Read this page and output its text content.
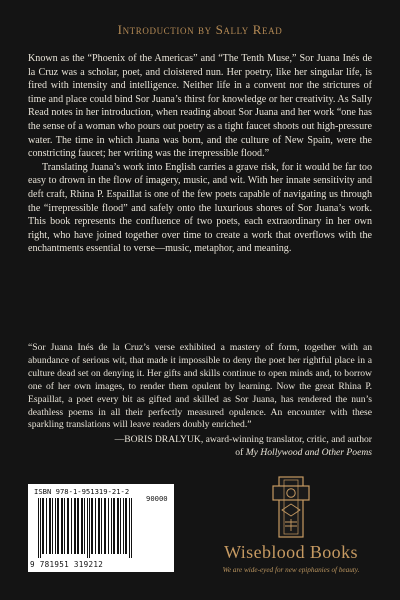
Introduction by Sally Read

Known as the “Phoenix of the Americas” and “The Tenth Muse,” Sor Juana Inés de la Cruz was a scholar, poet, and cloistered nun. Her poetry, like her singular life, is fired with intensity and intelligence. Neither life in a convent nor the strictures of time and place could bind Sor Juana’s thirst for knowledge or her creativity. As Sally Read notes in her introduction, when reading about Sor Juana and her work “one has the sense of a woman who pours out poetry as a tight faucet shoots out high-pressure water. The time in which Juana was born, and the culture of New Spain, were the constricting faucet; her writing was the irrepressible flood.”

Translating Juana’s work into English carries a grave risk, for it would be far too easy to drown in the flow of imagery, music, and wit. With her innate sensitivity and deft craft, Rhina P. Espaillat is one of the few poets capable of navigating us through the “irrepressible flood” and safely onto the luxurious shores of Sor Juana’s work. This book represents the confluence of two poets, each extraordinary in her own right, who have joined together over time to create a work that overflows with the enchantments essential to verse—music, metaphor, and meaning.

“Sor Juana Inés de la Cruz’s verse exhibited a mastery of form, together with an abundance of serious wit, that made it impossible to deny the poet her rightful place in a culture dead set on denying it. Her gifts and skills continue to open minds and, to borrow one of her own images, to render them opulent by learning. Now the great Rhina P. Espaillat, a poet every bit as gifted and skilled as Sor Juana, has rendered the nun’s deathless poems in all their perfectly measured opulence. An encounter with these sparkling translations will leave readers doubly enriched.”

—BORIS DRALYUK, award-winning translator, critic, and author
of My Hollywood and Other Poems
ISBN 978-1-951319-21-2
90000
9 781951 319212
Wiseblood Books
We are wide-eyed for new epiphanies of beauty.
